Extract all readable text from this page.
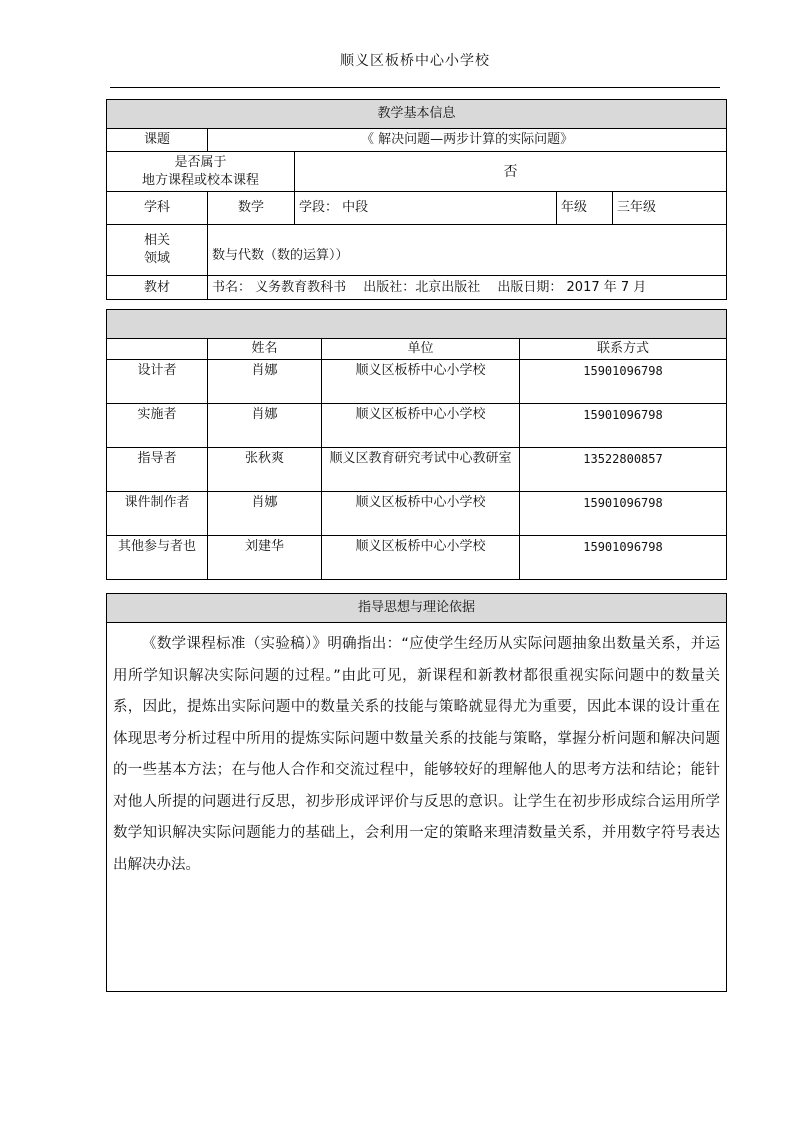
顺义区板桥中心小学校
教学基本信息				
课题	《 解决问题—两步计算的实际问题》			

是否属于
地方课程或校本课程		否		
学科	数学	学段： 中段	年级	三年级

相关
领域	数与代数（数的运算））			
教材	书名： 义务教育教科书　 出版社：北京出版社　 出版日期： 2017 年 7 月			

	姓名	单位	联系方式
设计者	肖娜	顺义区板桥中心小学校	15901096798
实施者	肖娜	顺义区板桥中心小学校	15901096798
指导者	张秋爽	顺义区教育研究考试中心教研室	13522800857
课件制作者	肖娜	顺义区板桥中心小学校	15901096798
其他参与者也	刘建华	顺义区板桥中心小学校	15901096798
指导思想与理论依据

《数学课程标准（实验稿）》明确指出：“应使学生经历从实际问题抽象出数量关系，并运用所学知识解决实际问题的过程。”由此可见，新课程和新教材都很重视实际问题中的数量关系，因此，提炼出实际问题中的数量关系的技能与策略就显得尤为重要，因此本课的设计重在体现思考分析过程中所用的提炼实际问题中数量关系的技能与策略，掌握分析问题和解决问题的一些基本方法；在与他人合作和交流过程中，能够较好的理解他人的思考方法和结论；能针对他人所提的问题进行反思，初步形成评评价与反思的意识。让学生在初步形成综合运用所学数学知识解决实际问题能力的基础上，会利用一定的策略来理清数量关系，并用数字符号表达出解决办法。
